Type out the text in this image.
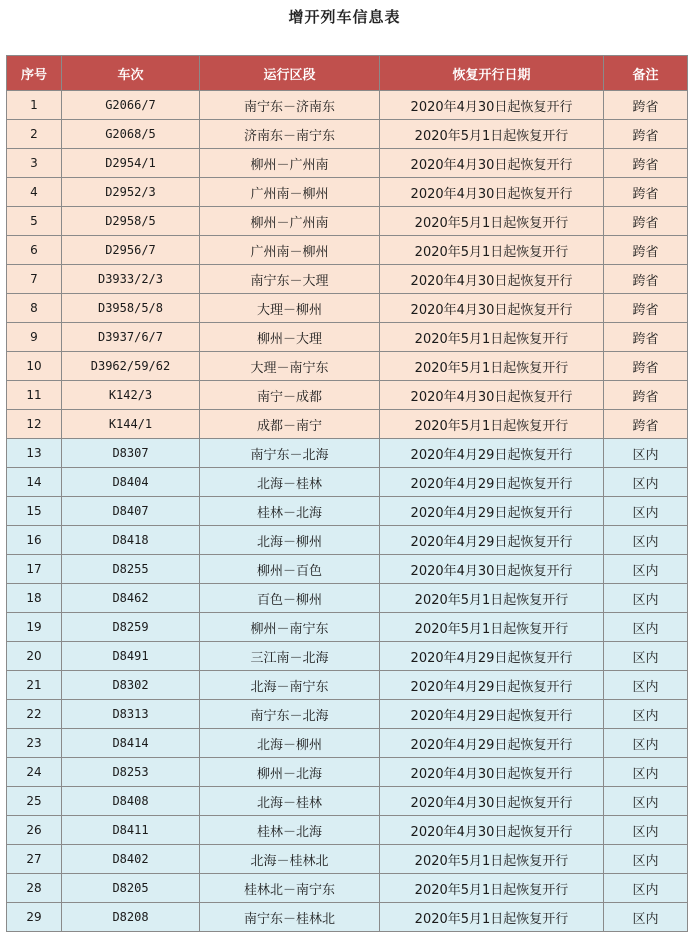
增开列车信息表
序号	车次	运行区段	恢复开行日期	备注
1	G2066/7	南宁东－济南东	2020年4月30日起恢复开行	跨省
2	G2068/5	济南东－南宁东	2020年5月1日起恢复开行	跨省
3	D2954/1	柳州－广州南	2020年4月30日起恢复开行	跨省
4	D2952/3	广州南－柳州	2020年4月30日起恢复开行	跨省
5	D2958/5	柳州－广州南	2020年5月1日起恢复开行	跨省
6	D2956/7	广州南－柳州	2020年5月1日起恢复开行	跨省
7	D3933/2/3	南宁东－大理	2020年4月30日起恢复开行	跨省
8	D3958/5/8	大理－柳州	2020年4月30日起恢复开行	跨省
9	D3937/6/7	柳州－大理	2020年5月1日起恢复开行	跨省
10	D3962/59/62	大理－南宁东	2020年5月1日起恢复开行	跨省
11	K142/3	南宁－成都	2020年4月30日起恢复开行	跨省
12	K144/1	成都－南宁	2020年5月1日起恢复开行	跨省
13	D8307	南宁东－北海	2020年4月29日起恢复开行	区内
14	D8404	北海－桂林	2020年4月29日起恢复开行	区内
15	D8407	桂林－北海	2020年4月29日起恢复开行	区内
16	D8418	北海－柳州	2020年4月29日起恢复开行	区内
17	D8255	柳州－百色	2020年4月30日起恢复开行	区内
18	D8462	百色－柳州	2020年5月1日起恢复开行	区内
19	D8259	柳州－南宁东	2020年5月1日起恢复开行	区内
20	D8491	三江南－北海	2020年4月29日起恢复开行	区内
21	D8302	北海－南宁东	2020年4月29日起恢复开行	区内
22	D8313	南宁东－北海	2020年4月29日起恢复开行	区内
23	D8414	北海－柳州	2020年4月29日起恢复开行	区内
24	D8253	柳州－北海	2020年4月30日起恢复开行	区内
25	D8408	北海－桂林	2020年4月30日起恢复开行	区内
26	D8411	桂林－北海	2020年4月30日起恢复开行	区内
27	D8402	北海－桂林北	2020年5月1日起恢复开行	区内
28	D8205	桂林北－南宁东	2020年5月1日起恢复开行	区内
29	D8208	南宁东－桂林北	2020年5月1日起恢复开行	区内
